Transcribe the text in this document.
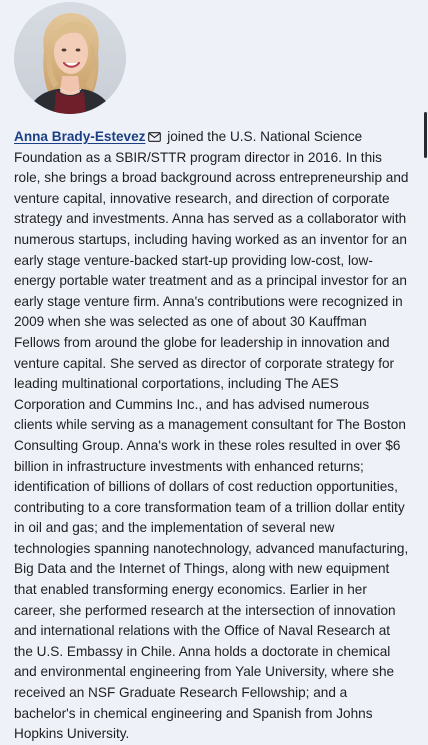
Anna Brady-Estevez
joined the U.S. National Science Foundation as a SBIR/STTR program director in 2016. In this role, she brings a broad background across entrepreneurship and venture capital, innovative research, and direction of corporate strategy and investments. Anna has served as a collaborator with numerous startups, including having worked as an inventor for an early stage venture-backed start-up providing low-cost, low-energy portable water treatment and as a principal investor for an early stage venture firm. Anna's contributions were recognized in 2009 when she was selected as one of about 30 Kauffman Fellows from around the globe for leadership in innovation and venture capital. She served as director of corporate strategy for leading multinational corportations, including The AES Corporation and Cummins Inc., and has advised numerous clients while serving as a management consultant for The Boston Consulting Group. Anna's work in these roles resulted in over $6 billion in infrastructure investments with enhanced returns; identification of billions of dollars of cost reduction opportunities, contributing to a core transformation team of a trillion dollar entity in oil and gas; and the implementation of several new technologies spanning nanotechnology, advanced manufacturing, Big Data and the Internet of Things, along with new equipment that enabled transforming energy economics. Earlier in her career, she performed research at the intersection of innovation and international relations with the Office of Naval Research at the U.S. Embassy in Chile. Anna holds a doctorate in chemical and environmental engineering from Yale University, where she received an NSF Graduate Research Fellowship; and a bachelor's in chemical engineering and Spanish from Johns Hopkins University.
